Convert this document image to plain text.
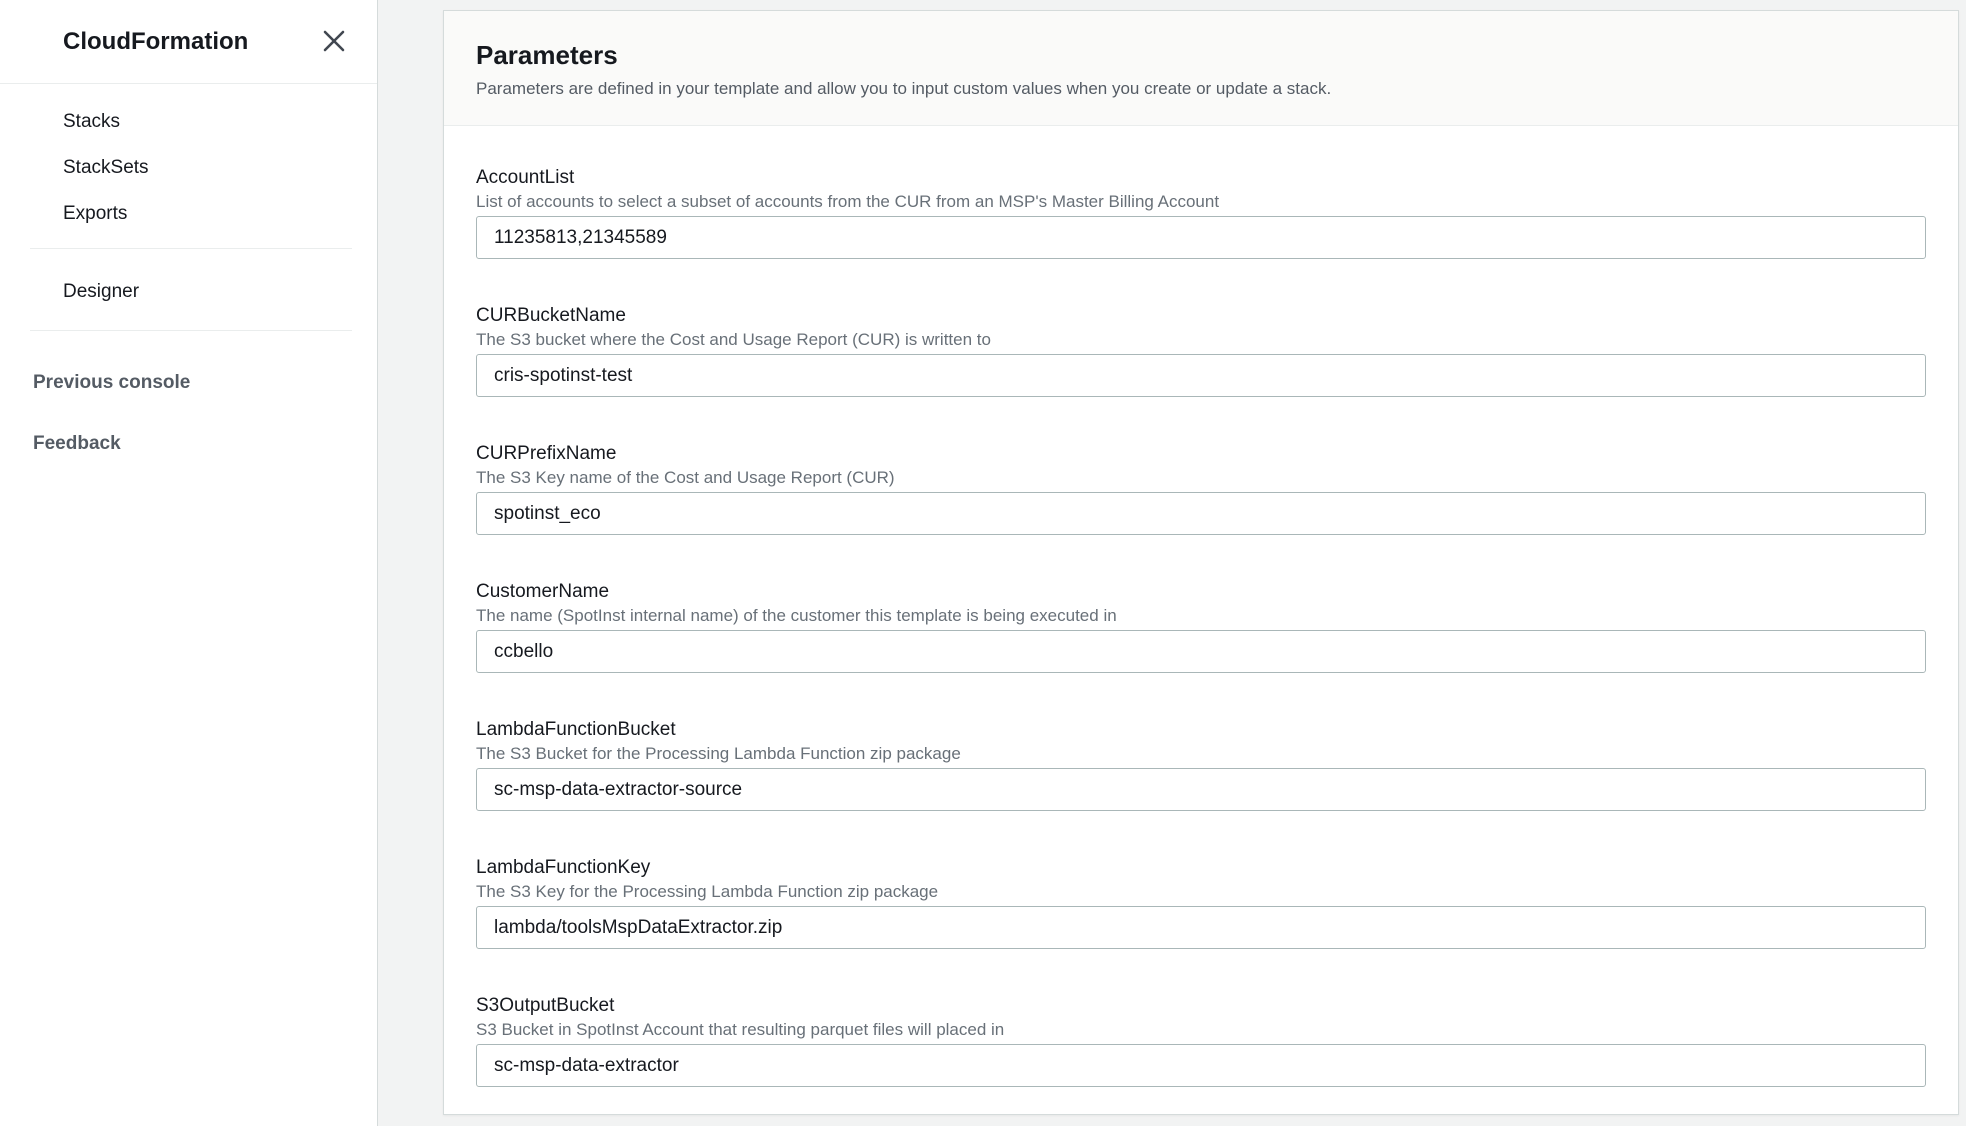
CloudFormation
Stacks
StackSets
Exports
Designer
Previous console
Feedback
Parameters

Parameters are defined in your template and allow you to input custom values when you create or update a stack.

AccountList

List of accounts to select a subset of accounts from the CUR from an MSP's Master Billing Account

11235813,21345589
CURBucketName

The S3 bucket where the Cost and Usage Report (CUR) is written to

cris-spotinst-test
CURPrefixName

The S3 Key name of the Cost and Usage Report (CUR)

spotinst_eco
CustomerName

The name (SpotInst internal name) of the customer this template is being executed in

ccbello
LambdaFunctionBucket

The S3 Bucket for the Processing Lambda Function zip package

sc-msp-data-extractor-source
LambdaFunctionKey

The S3 Key for the Processing Lambda Function zip package

lambda/toolsMspDataExtractor.zip
S3OutputBucket

S3 Bucket in SpotInst Account that resulting parquet files will placed in

sc-msp-data-extractor
